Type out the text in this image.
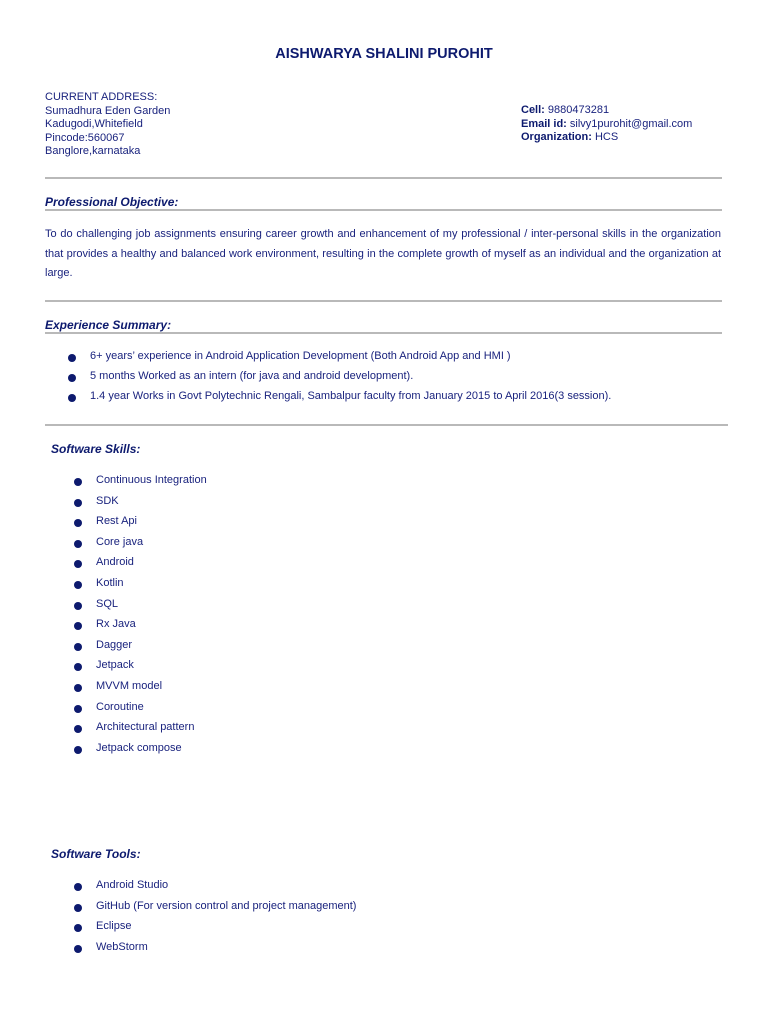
AISHWARYA SHALINI PUROHIT
CURRENT ADDRESS:
Sumadhura Eden Garden
Kadugodi,Whitefield
Pincode:560067
Banglore,karnataka
Cell: 9880473281
Email id: silvy1purohit@gmail.com
Organization: HCS
Professional Objective:
To do challenging job assignments ensuring career growth and enhancement of my professional / inter-personal skills in the organization that provides a healthy and balanced work environment, resulting in the complete growth of myself as an individual and the organization at large.
Experience Summary:
6+ years’ experience in Android Application Development (Both Android App and HMI )
5 months Worked as an intern (for java and android development).
1.4 year Works in Govt Polytechnic Rengali, Sambalpur faculty from January 2015 to April 2016(3 session).
Software Skills:
Continuous Integration
SDK
Rest Api
Core java
Android
Kotlin
SQL
Rx Java
Dagger
Jetpack
MVVM model
Coroutine
Architectural pattern
Jetpack compose
Software Tools:
Android Studio
GitHub (For version control and project management)
Eclipse
WebStorm
